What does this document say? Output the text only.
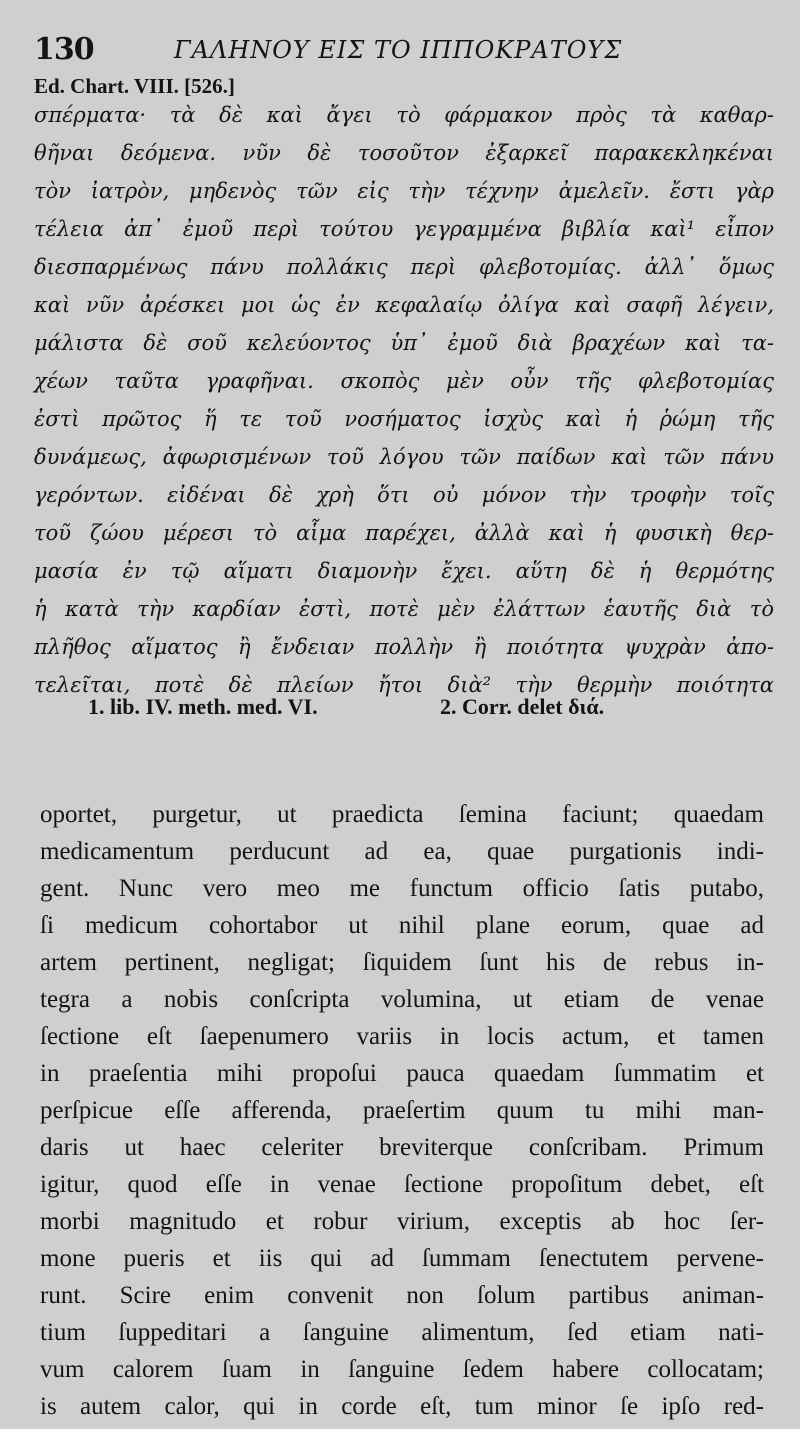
130	ΓΑΛΗΝΟΥ ΕΙΣ ΤΟ ΙΠΠΟΚΡΑΤΟΥΣ
Ed. Chart. VIII. [526.]
σπέρματα· τὰ δὲ καὶ ἄγει τὸ φάρμακον πρὸς τὰ καθαρ-
θῆναι δεόμενα. νῦν δὲ τοσοῦτον ἐξαρκεῖ παρακεκληκέναι
τὸν ἰατρὸν, μηδενὸς τῶν εἰς τὴν τέχνην ἀμελεῖν. ἔστι γὰρ
τέλεια ἀπ᾽ ἐμοῦ περὶ τούτου γεγραμμένα βιβλία καὶ¹ εἶπον
διεσπαρμένως πάνυ πολλάκις περὶ φλεβοτομίας. ἀλλ᾽ ὅμως
καὶ νῦν ἀρέσκει μοι ὡς ἐν κεφαλαίῳ ὀλίγα καὶ σαφῆ λέγειν,
μάλιστα δὲ σοῦ κελεύοντος ὑπ᾽ ἐμοῦ διὰ βραχέων καὶ τα-
χέων ταῦτα γραφῆναι. σκοπὸς μὲν οὖν τῆς φλεβοτομίας
ἐστὶ πρῶτος ἥ τε τοῦ νοσήματος ἰσχὺς καὶ ἡ ῥώμη τῆς
δυνάμεως, ἀφωρισμένων τοῦ λόγου τῶν παίδων καὶ τῶν πάνυ
γερόντων. εἰδέναι δὲ χρὴ ὅτι οὐ μόνον τὴν τροφὴν τοῖς
τοῦ ζώου μέρεσι τὸ αἷμα παρέχει, ἀλλὰ καὶ ἡ φυσικὴ θερ-
μασία ἐν τῷ αἵματι διαμονὴν ἔχει. αὕτη δὲ ἡ θερμότης
ἡ κατὰ τὴν καρδίαν ἐστὶ, ποτὲ μὲν ἐλάττων ἑαυτῆς διὰ τὸ
πλῆθος αἵματος ἢ ἔνδειαν πολλὴν ἢ ποιότητα ψυχρὰν ἀπο-
τελεῖται, ποτὲ δὲ πλείων ἤτοι διὰ² τὴν θερμὴν ποιότητα
1. lib. IV. meth. med. VI.	2. Corr. delet διά.
oportet, purgetur, ut praedicta ſemina faciunt; quaedam
medicamentum perducunt ad ea, quae purgationis indi-
gent. Nunc vero meo me functum officio ſatis putabo,
ſi medicum cohortabor ut nihil plane eorum, quae ad
artem pertinent, negligat; ſiquidem ſunt his de rebus in-
tegra a nobis conſcripta volumina, ut etiam de venae
ſectione eſt ſaepenumero variis in locis actum, et tamen
in praeſentia mihi propoſui pauca quaedam ſummatim et
perſpicue eſſe afferenda, praeſertim quum tu mihi man-
daris ut haec celeriter breviterque conſcribam. Primum
igitur, quod eſſe in venae ſectione propoſitum debet, eſt
morbi magnitudo et robur virium, exceptis ab hoc ſer-
mone pueris et iis qui ad ſummam ſenectutem pervene-
runt. Scire enim convenit non ſolum partibus animan-
tium ſuppeditari a ſanguine alimentum, ſed etiam nati-
vum calorem ſuam in ſanguine ſedem habere collocatam;
is autem calor, qui in corde eſt, tum minor ſe ipſo red-
